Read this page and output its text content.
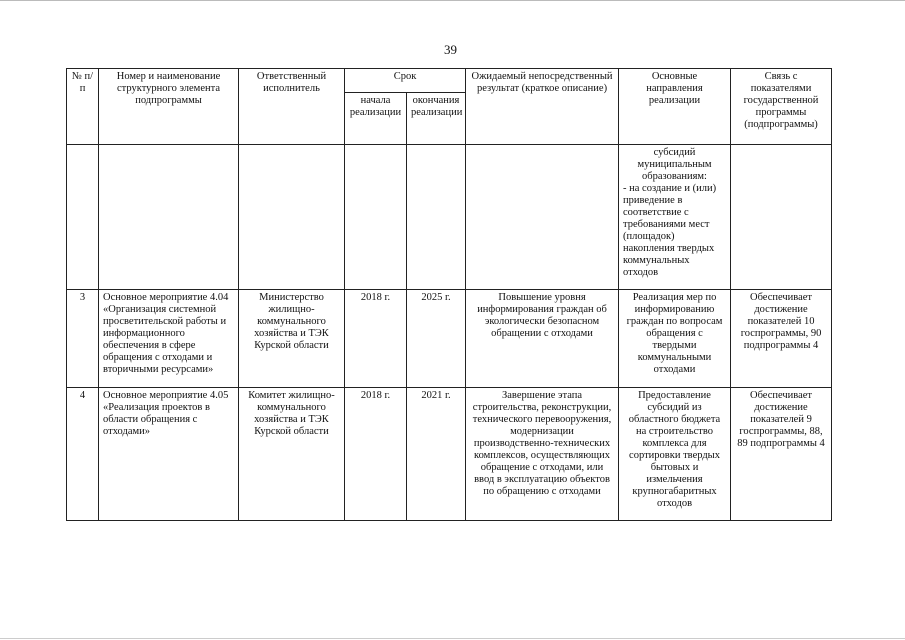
39
№ п/п	Номер и наименование структурного элемента подпрограммы	Ответственный исполнитель	Срок		Ожидаемый непосредственный результат (краткое описание)	Основные направления реализации	Связь с показателями государственной программы (подпрограммы)
			начала реализации	окончания реализации			

						субсидий муниципальным образованиям:
- на создание и (или) приведение в соответствие с требованиями мест (площадок) накопления твердых коммунальных отходов	

3	Основное мероприятие 4.04 «Организация системной просветительской работы и информационного обеспечения в сфере обращения с отходами и вторичными ресурсами»	Министерство жилищно-коммунального хозяйства и ТЭК Курской области	2018 г.	2025 г.	Повышение уровня информирования граждан об экологически безопасном обращении с отходами	Реализация мер по информированию граждан по вопросам обращения с твердыми коммунальными отходами	Обеспечивает достижение показателей 10 госпрограммы, 90 подпрограммы 4
4	Основное мероприятие 4.05 «Реализация проектов в области обращения с отходами»	Комитет жилищно-коммунального хозяйства и ТЭК Курской области	2018 г.	2021 г.	Завершение этапа строительства, реконструкции, технического перевооружения, модернизации производственно-технических комплексов, осуществляющих обращение с отходами, или ввод в эксплуатацию объектов по обращению с отходами	Предоставление субсидий из областного бюджета на строительство комплекса для сортировки твердых бытовых и измельчения крупногабаритных отходов	Обеспечивает достижение показателей 9 госпрограммы, 88, 89 подпрограммы 4
